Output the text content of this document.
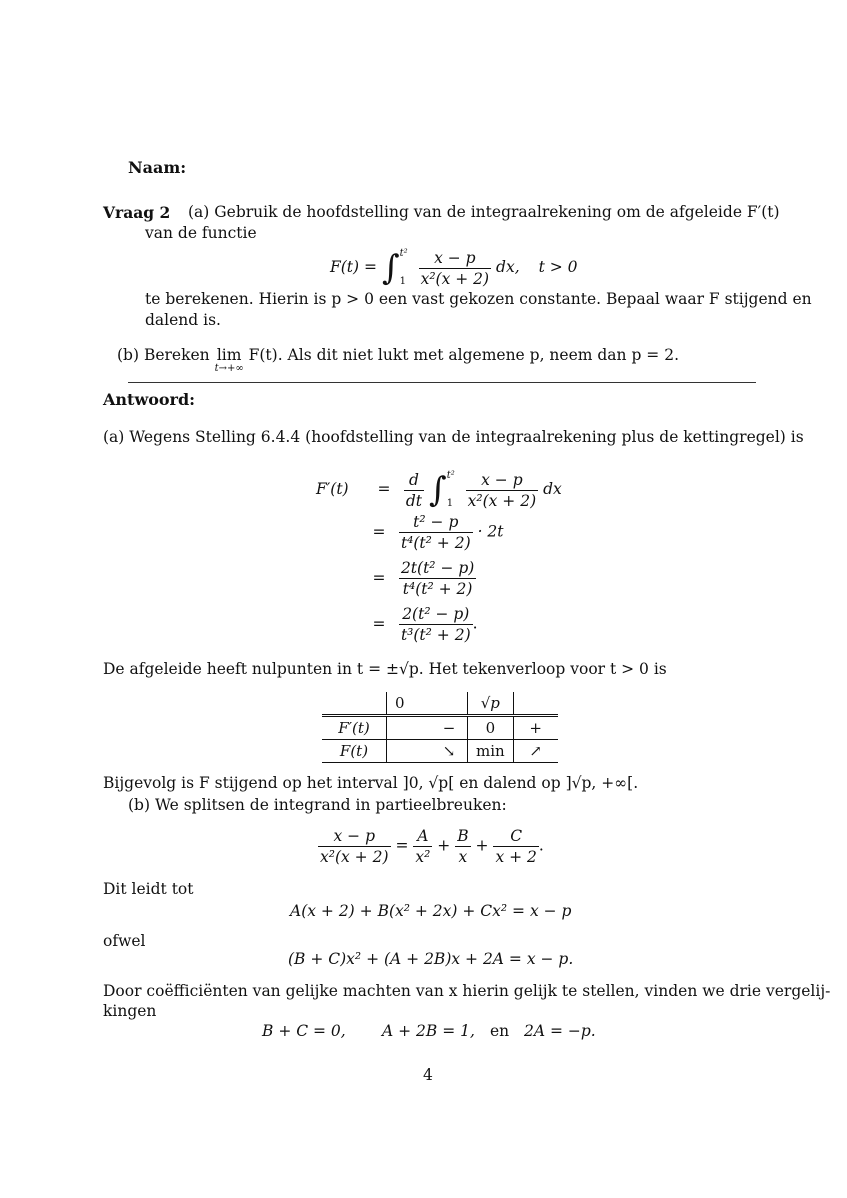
Naam:
Vraag 2 (a) Gebruik de hoofdstelling van de integraalrekening om de afgeleide F′(t)
van de functie
F(t) = ∫ t²
1
$\frac{x - p}{\text{x²(x + 2)}}$ dx, t > 0
te berekenen. Hierin is p > 0 een vast gekozen constante. Bepaal waar F stijgend en
dalend is.
(b) Bereken lim
t→+∞
F(t). Als dit niet lukt met algemene p, neem dan p = 2.
Antwoord:
(a) Wegens Stelling 6.4.4 (hoofdstelling van de integraalrekening plus de kettingregel) is
$F'(t) = \frac{d}{dt}$ ∫ t²
1
$\frac{x - p}{\text{x²(x + 2)}}$ dx
= $\frac{\text{t² − p}}{\text{t⁴(t² + 2)}} \cdot 2t$
= $\frac{\text{2t(t² − p)}}{\text{t⁴(t² + 2)}}$
= $\frac{\text{2(t² − p)}}{\text{t³(t² + 2)}}$ .
De afgeleide heeft nulpunten in t = ±√p. Het tekenverloop voor t > 0 is
	0		√p	
F′(t)		−	0	+
F(t)		↘	min	↗
Bijgevolg is F stijgend op het interval ]0, √p[ en dalend op ]√p, +∞[.
(b) We splitsen de integrand in partieelbreuken:
$\frac{x - p}{\text{x²(x + 2)}} = \frac{A}{\text{x²}} + \frac{B}{x} + \frac{C}{x + 2}$ .
Dit leidt tot
A(x + 2) + B(x² + 2x) + Cx² = x − p
ofwel
(B + C)x² + (A + 2B)x + 2A = x − p.
Door coëfficiënten van gelijke machten van x hierin gelijk te stellen, vinden we drie vergelij-
kingen
B + C = 0, A + 2B = 1, en 2A = −p.
4
